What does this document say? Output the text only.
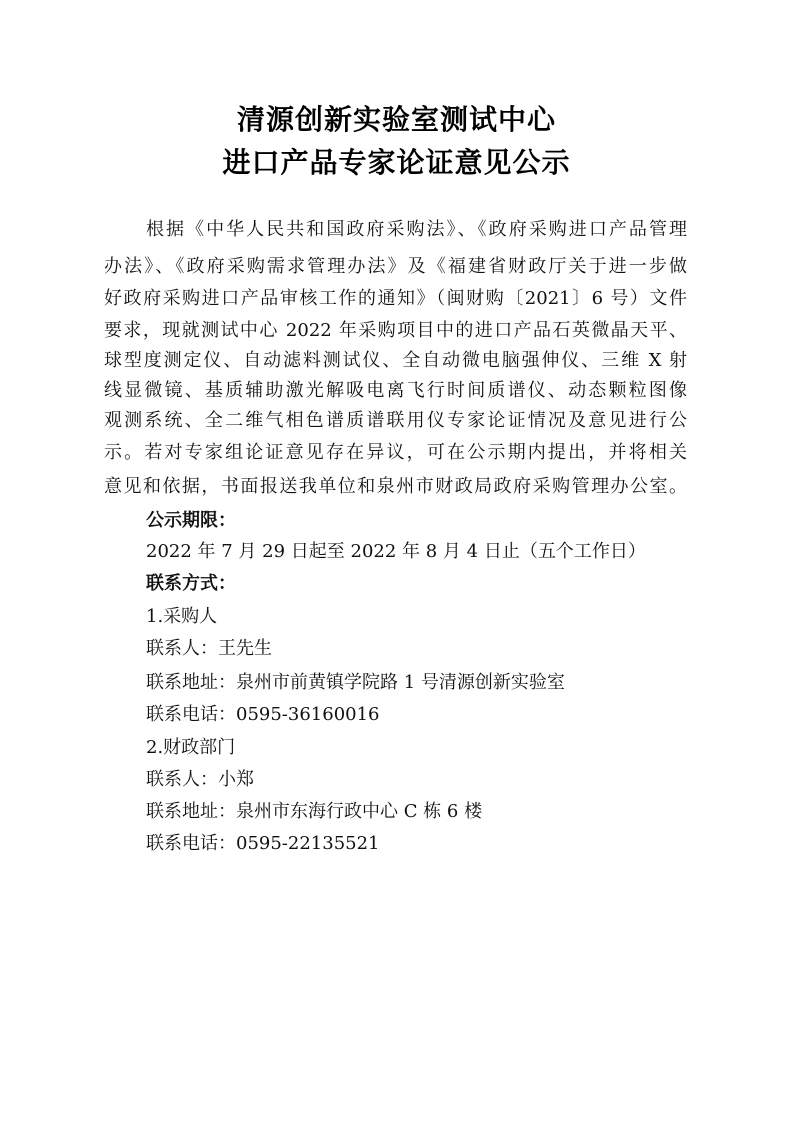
清源创新实验室测试中心
进口产品专家论证意见公示
根据《中华人民共和国政府采购法》、《政府采购进口产品管理
办法》、《政府采购需求管理办法》及《福建省财政厅关于进一步做
好政府采购进口产品审核工作的通知》（闽财购〔2021〕6 号）文件
要求，现就测试中心 2022 年采购项目中的进口产品石英微晶天平、
球型度测定仪、自动滤料测试仪、全自动微电脑强伸仪、三维 X 射
线显微镜、基质辅助激光解吸电离飞行时间质谱仪、动态颗粒图像
观测系统、全二维气相色谱质谱联用仪专家论证情况及意见进行公
示。若对专家组论证意见存在异议，可在公示期内提出，并将相关
意见和依据，书面报送我单位和泉州市财政局政府采购管理办公室。
公示期限：
2022 年 7 月 29 日起至 2022 年 8 月 4 日止（五个工作日）
联系方式：
1.采购人
联系人：王先生
联系地址：泉州市前黄镇学院路 1 号清源创新实验室
联系电话：0595-36160016
2.财政部门
联系人：小郑
联系地址：泉州市东海行政中心 C 栋 6 楼
联系电话：0595-22135521
